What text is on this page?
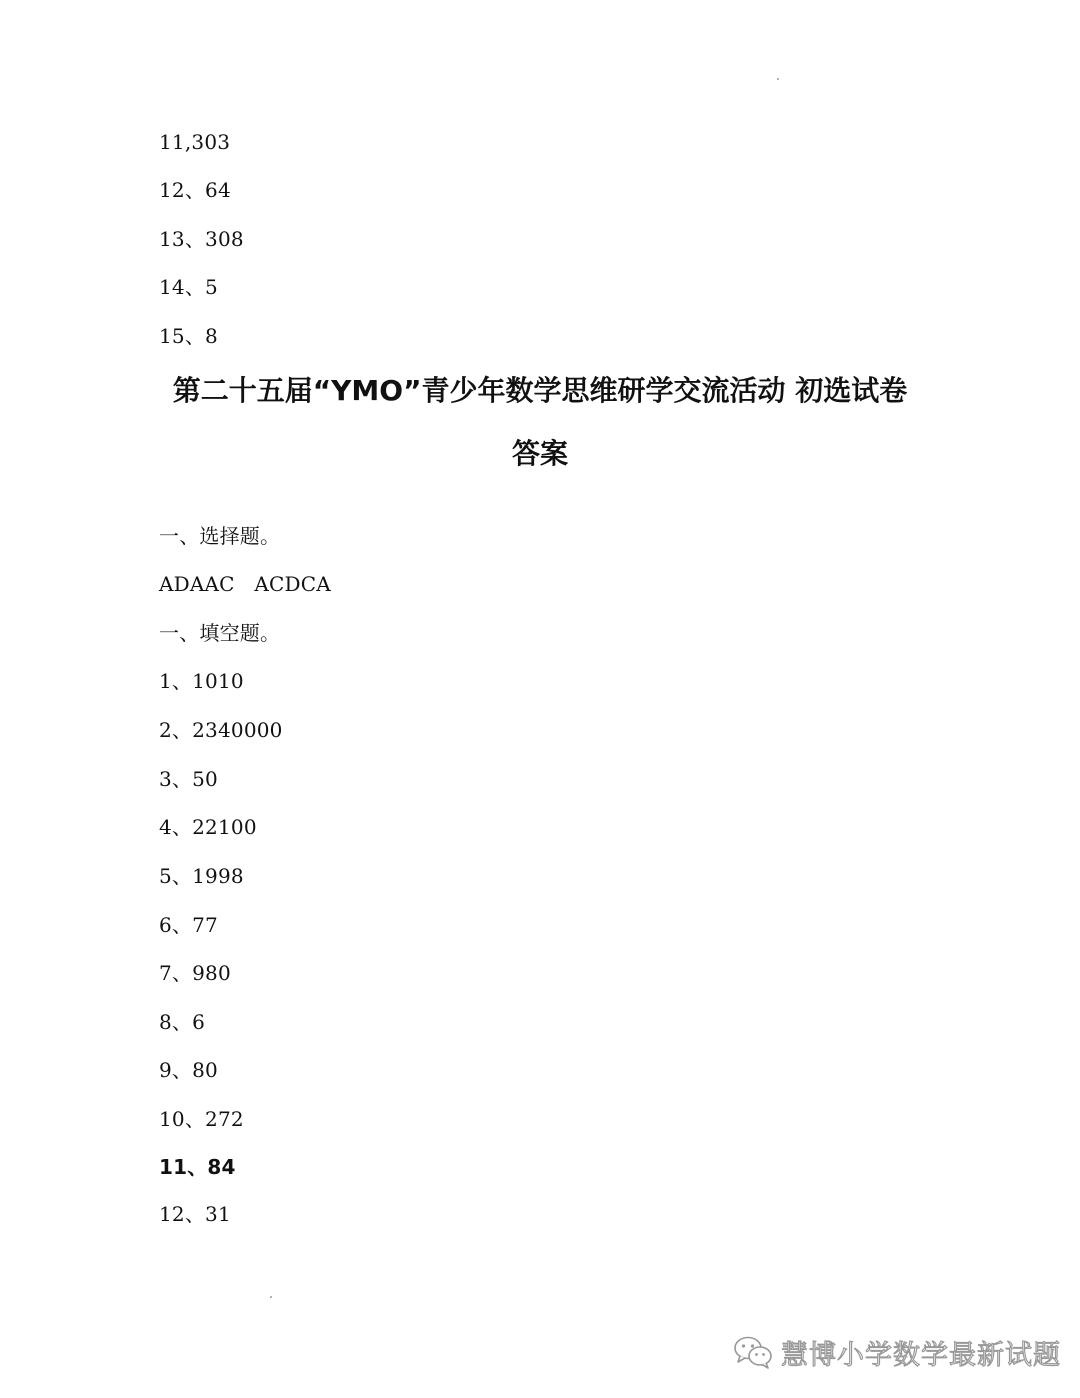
11,303
12、64
13、308
14、5
15、8
第二十五届“YMO”青少年数学思维研学交流活动 初选试卷
答案
一、选择题。
ADAAC   ACDCA
一、填空题。
1、1010
2、2340000
3、50
4、22100
5、1998
6、77
7、980
8、6
9、80
10、272
11、84
12、31
慧博小学数学最新试题
